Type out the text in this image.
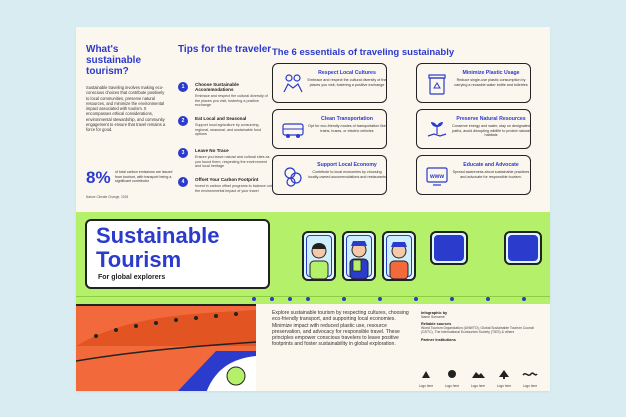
What's sustainable tourism?

Sustainable traveling involves making eco-conscious choices that contribute positively to local communities, preserve natural resources, and minimize the environmental impact associated with tourism. It encompasses ethical considerations, environmental stewardship, and community engagement to ensure that travel remains a force for good.

8% of total carbon emissions are issued from tourism, with transport being a significant contributor
Nature Climate Change, 2018
Tips for the traveler
1	Choose Sustainable Accommodations
Embrace and respect the cultural diversity of the places you visit, fostering a positive exchange
2	Eat Local and Seasonal
Support local agriculture by consuming regional, seasonal, and sustainable food options
3	Leave No Trace
Ensure you leave natural and cultural sites as you found them, respecting the environment and local heritage
4	Offset Your Carbon Footprint
Invest in carbon offset programs to balance out the environmental impact of your travel
The 6 essentials of traveling sustainably
Respect Local Cultures
Embrace and respect the cultural diversity of the places you visit, fostering a positive exchange
Minimize Plastic Usage
Reduce single-use plastic consumption by carrying a reusable water bottle and toiletries
Clean Transportation
Opt for eco-friendly modes of transportation like trains, buses, or electric vehicles
Preserve Natural Resources
Conserve energy and water, stay on designated paths, avoid disrupting wildlife to protect natural habitats
Support Local Economy
Contribute to local economies by choosing locally-owned accommodations and restaurants	www
Educate and Advocate
Spread awareness about sustainable practices and advocate for responsible tourism.
Sustainable Tourism
For global explorers
Explore sustainable tourism by respecting cultures, choosing eco-friendly transport, and supporting local economies. Minimize impact with reduced plastic use, resource preservation, and advocacy for responsible travel. These principles empower conscious travelers to leave positive footprints and foster sustainability in global exploration.
Infographic by
Name Surname
Reliable sources
World Tourism Organization (UNWTO), Global Sustainable Tourism Council (GSTC), The International Ecotourism Society (TIES) & others
Partner Institutions
Logo here	Logo here	Logo here	Logo here	Logo here
